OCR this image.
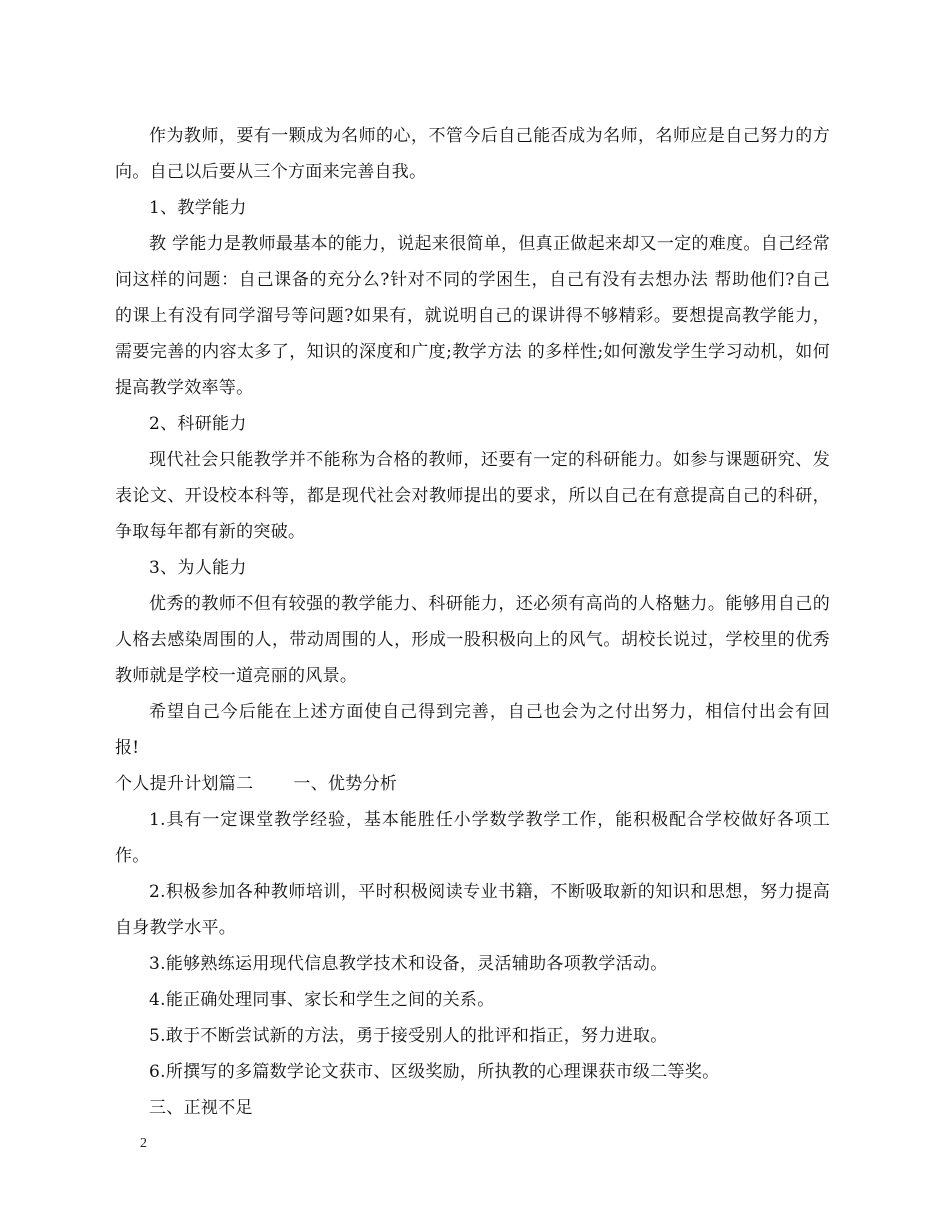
作为教师，要有一颗成为名师的心，不管今后自己能否成为名师，名师应是自己努力的方向。自己以后要从三个方面来完善自我。

1、教学能力

教 学能力是教师最基本的能力，说起来很简单，但真正做起来却又一定的难度。自己经常问这样的问题：自己课备的充分么?针对不同的学困生，自己有没有去想办法 帮助他们?自己的课上有没有同学溜号等问题?如果有，就说明自己的课讲得不够精彩。要想提高教学能力，需要完善的内容太多了，知识的深度和广度;教学方法 的多样性;如何激发学生学习动机，如何提高教学效率等。

2、科研能力

现代社会只能教学并不能称为合格的教师，还要有一定的科研能力。如参与课题研究、发表论文、开设校本科等，都是现代社会对教师提出的要求，所以自己在有意提高自己的科研，争取每年都有新的突破。

3、为人能力

优秀的教师不但有较强的教学能力、科研能力，还必须有高尚的人格魅力。能够用自己的人格去感染周围的人，带动周围的人，形成一股积极向上的风气。胡校长说过，学校里的优秀教师就是学校一道亮丽的风景。

希望自己今后能在上述方面使自己得到完善，自己也会为之付出努力，相信付出会有回报!

个人提升计划篇二 一、优势分析

1.具有一定课堂教学经验，基本能胜任小学数学教学工作，能积极配合学校做好各项工作。

2.积极参加各种教师培训，平时积极阅读专业书籍，不断吸取新的知识和思想，努力提高自身教学水平。

3.能够熟练运用现代信息教学技术和设备，灵活辅助各项教学活动。

4.能正确处理同事、家长和学生之间的关系。

5.敢于不断尝试新的方法，勇于接受别人的批评和指正，努力进取。

6.所撰写的多篇数学论文获市、区级奖励，所执教的心理课获市级二等奖。

三、正视不足

2
